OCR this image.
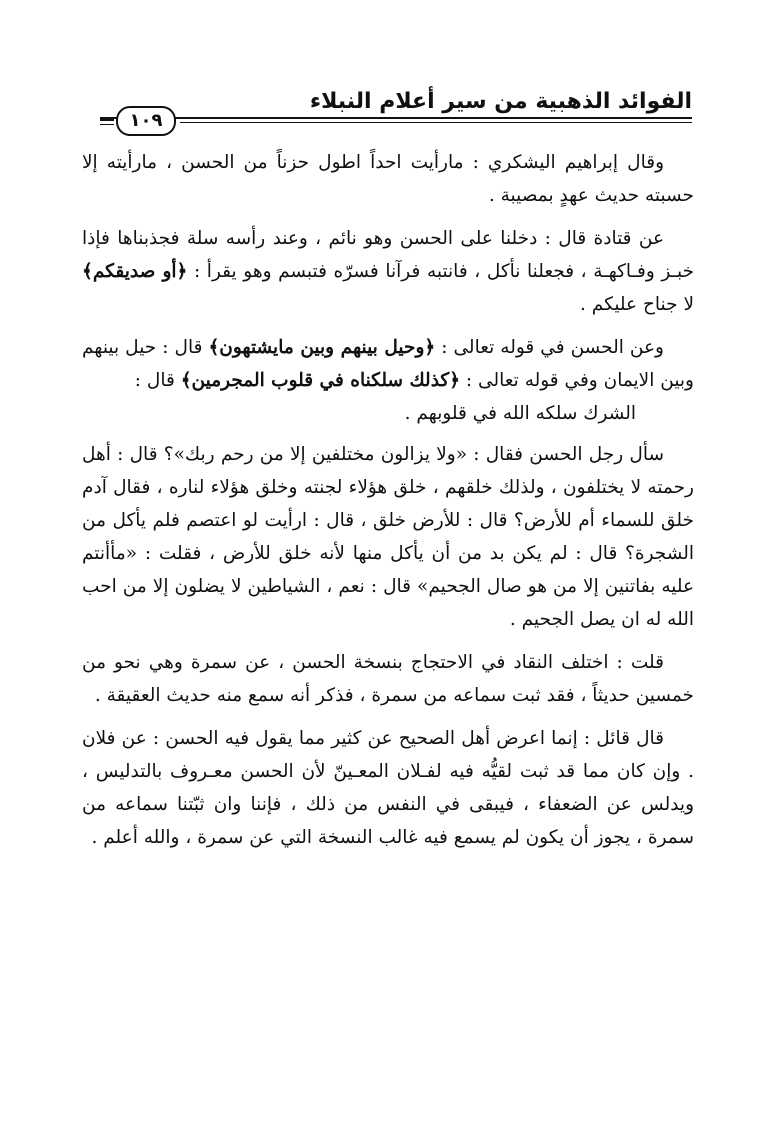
الفوائد الذهبية من سير أعلام النبلاء
١٠٩

وقال إبراهيم اليشكري : مارأيت احداً اطول حزناً من الحسن ، مارأيته إلا حسبته حديث عهدٍ بمصيبة .

عن قتادة قال : دخلنا على الحسن وهو نائم ، وعند رأسه سلة فجذبناها فإذا خبـز وفـاكهـة ، فجعلنا نأكل ، فانتبه فرآنا فسرّه فتبسم وهو يقرأ : ﴿أو صديقكم﴾ لا جناح عليكم .

وعن الحسن في قوله تعالى : ﴿وحيل بينهم وبين مايشتهون﴾ قال : حيل بينهم وبين الايمان وفي قوله تعالى : ﴿كذلك سلكناه في قلوب المجرمين﴾ قال :
الشرك سلكه الله في قلوبهم .

سأل رجل الحسن فقال : «ولا يزالون مختلفين إلا من رحم ربك»؟ قال : أهل رحمته لا يختلفون ، ولذلك خلقهم ، خلق هؤلاء لجنته وخلق هؤلاء لناره ، فقال آدم خلق للسماء أم للأرض؟ قال : للأرض خلق ، قال : ارأيت لو اعتصم فلم يأكل من الشجرة؟ قال : لم يكن بد من أن يأكل منها لأنه خلق للأرض ، فقلت : «مأأنتم عليه بفاتنين إلا من هو صال الجحيم» قال : نعم ، الشياطين لا يضلون إلا من احب الله له ان يصل الجحيم .

قلت : اختلف النقاد في الاحتجاج بنسخة الحسن ، عن سمرة وهي نحو من خمسين حديثاً ، فقد ثبت سماعه من سمرة ، فذكر أنه سمع منه حديث العقيقة .

قال قائل : إنما اعرض أهل الصحيح عن كثير مما يقول فيه الحسن : عن فلان . وإن كان مما قد ثبت لقيُّه فيه لفـلان المعـينّ لأن الحسن معـروف بالتدليس ، ويدلس عن الضعفاء ، فيبقى في النفس من ذلك ، فإننا وان ثبّتنا سماعه من سمرة ، يجوز أن يكون لم يسمع فيه غالب النسخة التي عن سمرة ، والله أعلم .
